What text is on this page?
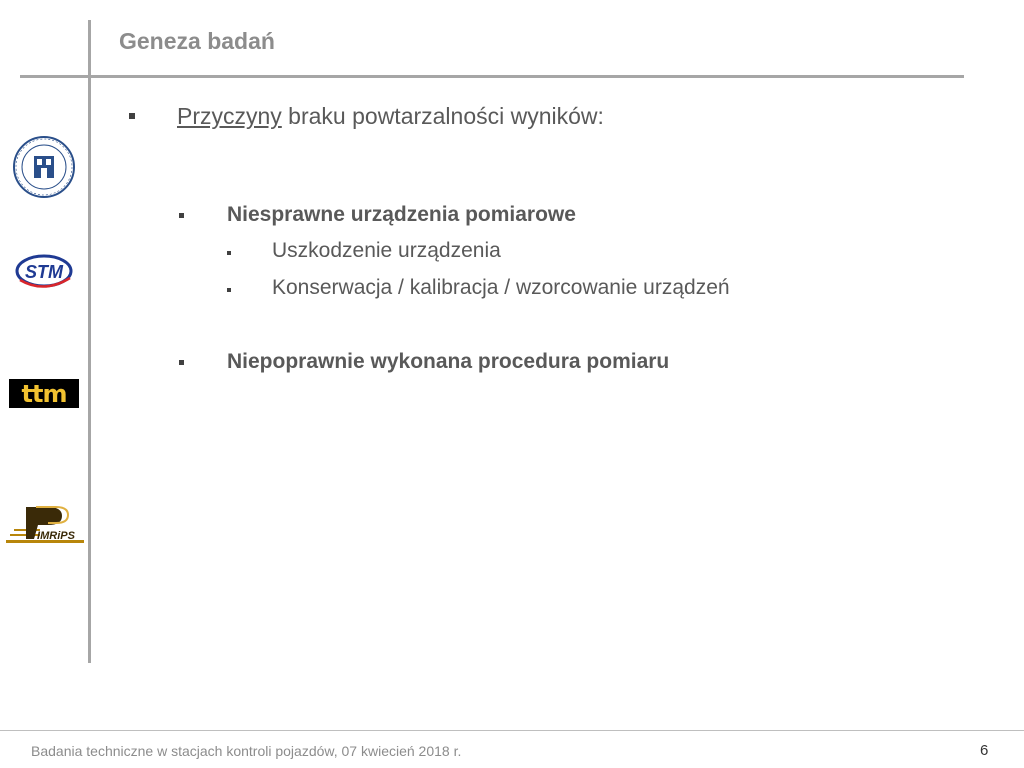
Geneza badań
STM
ttm
IMRiPS
Przyczyny braku powtarzalności wyników:
Niesprawne urządzenia pomiarowe
Uszkodzenie urządzenia
Konserwacja / kalibracja / wzorcowanie urządzeń
Niepoprawnie wykonana procedura pomiaru
Badania techniczne w stacjach kontroli pojazdów, 07 kwiecień 2018 r.	6
